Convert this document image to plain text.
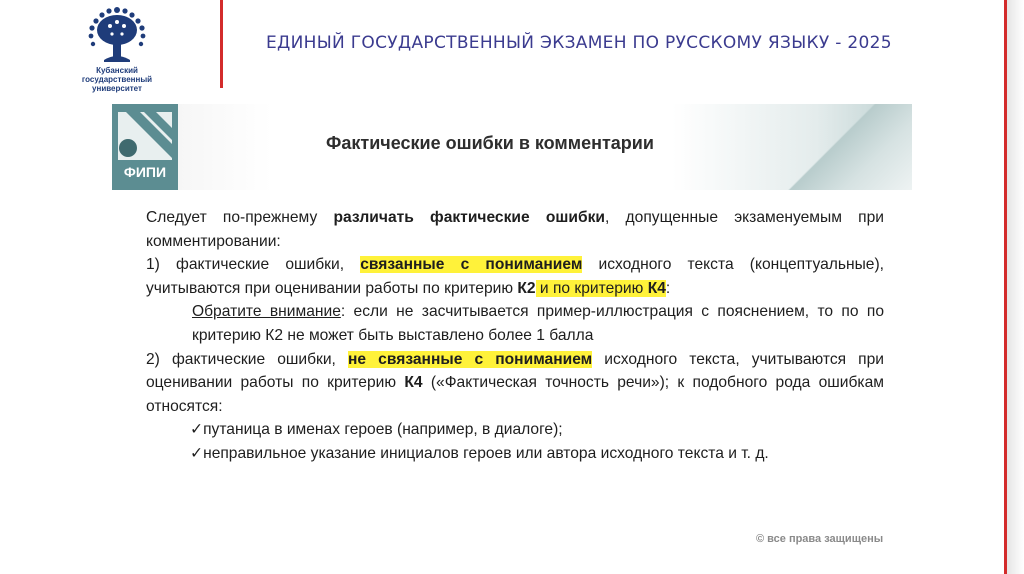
Кубанский
государственный
университет
ЕДИНЫЙ ГОСУДАРСТВЕННЫЙ ЭКЗАМЕН ПО РУССКОМУ ЯЗЫКУ - 2025
ФИПИ
Фактические ошибки в комментарии

Следует по-прежнему различать фактические ошибки, допущенные экзаменуемым при комментировании:

1) фактические ошибки, связанные с пониманием исходного текста (концептуальные), учитываются при оценивании работы по критерию К2 и по критерию К4:

Обратите внимание: если не засчитывается пример-иллюстрация с пояснением, то по по критерию К2 не может быть выставлено более 1 балла

2) фактические ошибки, не связанные с пониманием исходного текста, учитываются при оценивании работы по критерию К4 («Фактическая точность речи»); к подобного рода ошибкам относятся:

✓путаница в именах героев (например, в диалоге);

✓неправильное указание инициалов героев или автора исходного текста и т. д.

© все права защищены
